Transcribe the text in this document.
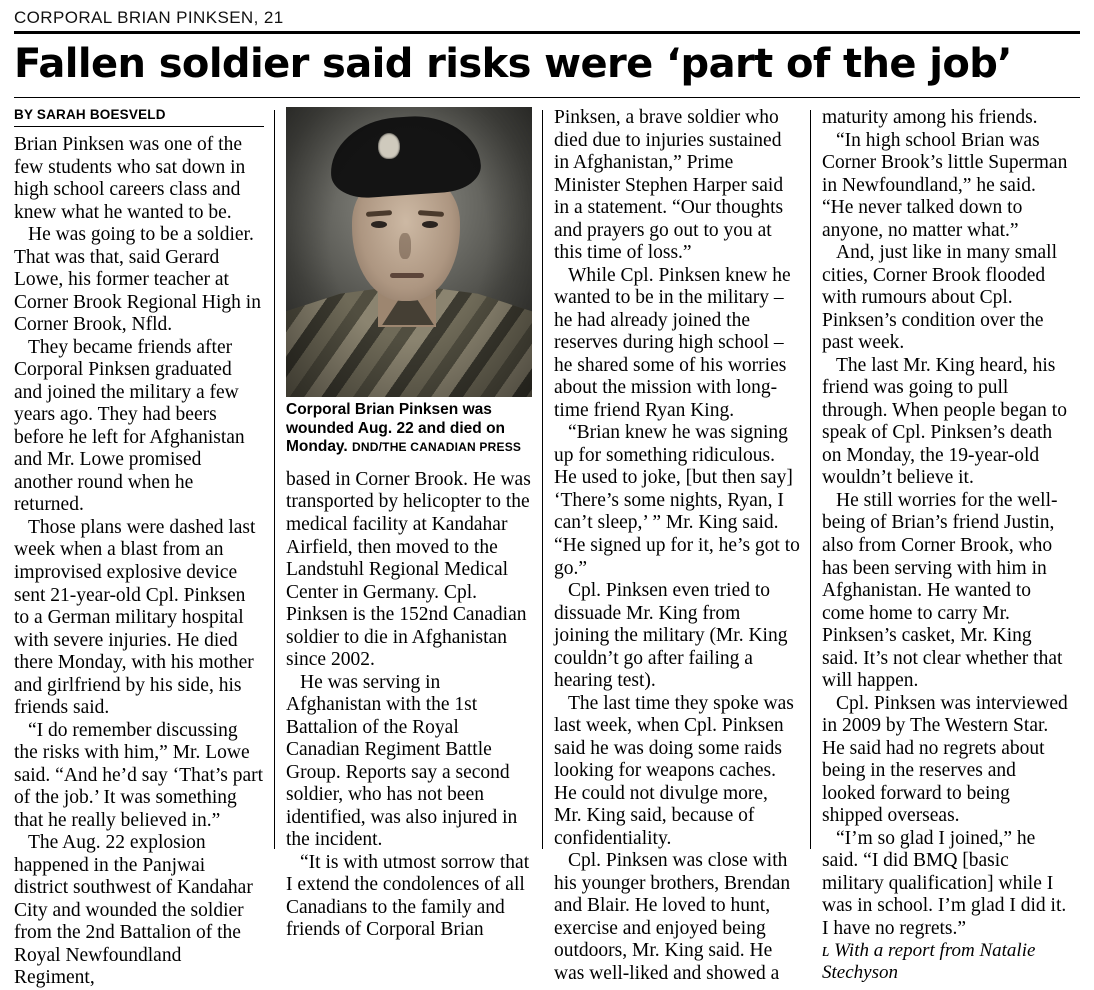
CORPORAL BRIAN PINKSEN, 21
Fallen soldier said risks were ‘part of the job’
BY SARAH BOESVELD

Brian Pinksen was one of the few students who sat down in high school careers class and knew what he wanted to be.

He was going to be a soldier. That was that, said Gerard Lowe, his former teacher at Corner Brook Regional High in Corner Brook, Nfld.

They became friends after Corporal Pinksen graduated and joined the military a few years ago. They had beers before he left for Afghanistan and Mr. Lowe promised another round when he returned.

Those plans were dashed last week when a blast from an improvised explosive device sent 21-year-old Cpl. Pinksen to a German military hospital with severe injuries. He died there Monday, with his mother and girlfriend by his side, his friends said.

“I do remember discussing the risks with him,” Mr. Lowe said. “And he’d say ‘That’s part of the job.’ It was something that he really believed in.”

The Aug. 22 explosion happened in the Panjwai district southwest of Kandahar City and wounded the soldier from the 2nd Battalion of the Royal Newfoundland Regiment,

Corporal Brian Pinksen was wounded Aug. 22 and died on Monday. DND/THE CANADIAN PRESS

based in Corner Brook. He was transported by helicopter to the medical facility at Kandahar Airfield, then moved to the Landstuhl Regional Medical Center in Germany. Cpl. Pinksen is the 152nd Canadian soldier to die in Afghanistan since 2002.

He was serving in Afghanistan with the 1st Battalion of the Royal Canadian Regiment Battle Group. Reports say a second soldier, who has not been identified, was also injured in the incident.

“It is with utmost sorrow that I extend the condolences of all Canadians to the family and friends of Corporal Brian

Pinksen, a brave soldier who died due to injuries sustained in Afghanistan,” Prime Minister Stephen Harper said in a statement. “Our thoughts and prayers go out to you at this time of loss.”

While Cpl. Pinksen knew he wanted to be in the military – he had already joined the reserves during high school – he shared some of his worries about the mission with long-time friend Ryan King.

“Brian knew he was signing up for something ridiculous. He used to joke, [but then say] ‘There’s some nights, Ryan, I can’t sleep,’ ” Mr. King said. “He signed up for it, he’s got to go.”

Cpl. Pinksen even tried to dissuade Mr. King from joining the military (Mr. King couldn’t go after failing a hearing test).

The last time they spoke was last week, when Cpl. Pinksen said he was doing some raids looking for weapons caches. He could not divulge more, Mr. King said, because of confidentiality.

Cpl. Pinksen was close with his younger brothers, Brendan and Blair. He loved to hunt, exercise and enjoyed being outdoors, Mr. King said. He was well-liked and showed a

maturity among his friends.

“In high school Brian was Corner Brook’s little Superman in Newfoundland,” he said. “He never talked down to anyone, no matter what.”

And, just like in many small cities, Corner Brook flooded with rumours about Cpl. Pinksen’s condition over the past week.

The last Mr. King heard, his friend was going to pull through. When people began to speak of Cpl. Pinksen’s death on Monday, the 19-year-old wouldn’t believe it.

He still worries for the well-being of Brian’s friend Justin, also from Corner Brook, who has been serving with him in Afghanistan. He wanted to come home to carry Mr. Pinksen’s casket, Mr. King said. It’s not clear whether that will happen.

Cpl. Pinksen was interviewed in 2009 by The Western Star. He said had no regrets about being in the reserves and looked forward to being shipped overseas.

“I’m so glad I joined,” he said. “I did BMQ [basic military qualification] while I was in school. I’m glad I did it. I have no regrets.”

ʟ With a report from Natalie Stechyson
